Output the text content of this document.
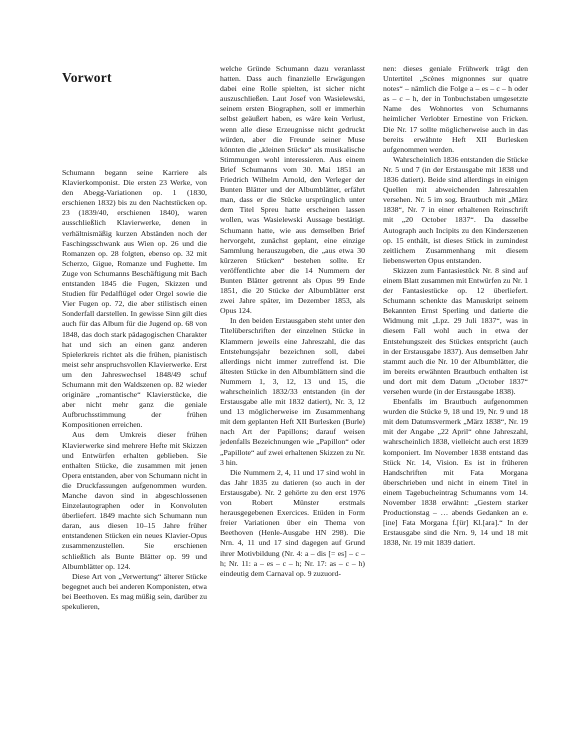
Vorwort

Schumann begann seine Karriere als Klavierkomponist. Die ersten 23 Werke, von den Abegg-Variationen op. 1 (1830, erschienen 1832) bis zu den Nachtstücken op. 23 (1839/40, erschienen 1840), waren ausschließlich Klavierwerke, denen in verhältnismäßig kurzen Abständen noch der Faschingsschwank aus Wien op. 26 und die Romanzen op. 28 folgten, ebenso op. 32 mit Scherzo, Gigue, Romanze und Fughette. Im Zuge von Schumanns Beschäftigung mit Bach entstanden 1845 die Fugen, Skizzen und Studien für Pedalflügel oder Orgel sowie die Vier Fugen op. 72, die aber stilistisch einen Sonderfall darstellen. In gewisse Sinn gilt dies auch für das Album für die Jugend op. 68 von 1848, das doch stark pädagogischen Charakter hat und sich an einen ganz anderen Spielerkreis richtet als die frühen, pianistisch meist sehr anspruchsvollen Klavierwerke. Erst um den Jahreswechsel 1848/49 schuf Schumann mit den Waldszenen op. 82 wieder originäre „romantische“ Klavierstücke, die aber nicht mehr ganz die geniale Aufbruchsstimmung der frühen Kompositionen erreichen.

Aus dem Umkreis dieser frühen Klavierwerke sind mehrere Hefte mit Skizzen und Entwürfen erhalten geblieben. Sie enthalten Stücke, die zusammen mit jenen Opera entstanden, aber von Schumann nicht in die Druckfassungen aufgenommen wurden. Manche davon sind in abgeschlossenen Einzelautographen oder in Konvoluten überliefert. 1849 machte sich Schumann nun daran, aus diesen 10–15 Jahre früher entstandenen Stücken ein neues Klavier-Opus zusammenzustellen. Sie erschienen schließlich als Bunte Blätter op. 99 und Albumblätter op. 124.

Diese Art von „Verwertung“ älterer Stücke begegnet auch bei anderen Komponisten, etwa bei Beethoven. Es mag müßig sein, darüber zu spekulieren,

welche Gründe Schumann dazu veranlasst hatten. Dass auch finanzielle Erwägungen dabei eine Rolle spielten, ist sicher nicht auszuschließen. Laut Josef von Wasielewski, seinem ersten Biographen, soll er immerhin selbst geäußert haben, es wäre kein Verlust, wenn alle diese Erzeugnisse nicht gedruckt würden, aber die Freunde seiner Muse könnten die „kleinen Stücke“ als musikalische Stimmungen wohl interessieren. Aus einem Brief Schumanns vom 30. Mai 1851 an Friedrich Wilhelm Arnold, den Verleger der Bunten Blätter und der Albumblätter, erfährt man, dass er die Stücke ursprünglich unter dem Titel Spreu hatte erscheinen lassen wollen, was Wasielewski Aussage bestätigt. Schumann hatte, wie aus demselben Brief hervorgeht, zunächst geplant, eine einzige Sammlung herauszugeben, die „aus etwa 30 kürzeren Stücken“ bestehen sollte. Er veröffentlichte aber die 14 Nummern der Bunten Blätter getrennt als Opus 99 Ende 1851, die 20 Stücke der Albumblätter erst zwei Jahre später, im Dezember 1853, als Opus 124.

In den beiden Erstausgaben steht unter den Titelüberschriften der einzelnen Stücke in Klammern jeweils eine Jahreszahl, die das Entstehungsjahr bezeichnen soll, dabei allerdings nicht immer zutreffend ist. Die ältesten Stücke in den Albumblättern sind die Nummern 1, 3, 12, 13 und 15, die wahrscheinlich 1832/33 entstanden (in der Erstausgabe alle mit 1832 datiert), Nr. 3, 12 und 13 möglicherweise im Zusammenhang mit dem geplanten Heft XII Burlesken (Burle) nach Art der Papillons; darauf weisen jedenfalls Bezeichnungen wie „Papillon“ oder „Papillote“ auf zwei erhaltenen Skizzen zu Nr. 3 hin.

Die Nummern 2, 4, 11 und 17 sind wohl in das Jahr 1835 zu datieren (so auch in der Erstausgabe). Nr. 2 gehörte zu den erst 1976 von Robert Münster erstmals herausgegebenen Exercices. Etüden in Form freier Variationen über ein Thema von Beethoven (Henle-Ausgabe HN 298). Die Nrn. 4, 11 und 17 sind dagegen auf Grund ihrer Motivbildung (Nr. 4: a – dis [= es] – c – h; Nr. 11: a – es – c – h; Nr. 17: as – c – h) eindeutig dem Carnaval op. 9 zuzuord-

nen: dieses geniale Frühwerk trägt den Untertitel „Scènes mignonnes sur quatre notes“ – nämlich die Folge a – es – c – h oder as – c – h, der in Tonbuchstaben umgesetzte Name des Wohnortes von Schumanns heimlicher Verlobter Ernestine von Fricken. Die Nr. 17 sollte möglicherweise auch in das bereits erwähnte Heft XII Burlesken aufgenommen werden.

Wahrscheinlich 1836 entstanden die Stücke Nr. 5 und 7 (in der Erstausgabe mit 1838 und 1836 datiert). Beide sind allerdings in einigen Quellen mit abweichenden Jahreszahlen versehen. Nr. 5 im sog. Brautbuch mit „März 1838“, Nr. 7 in einer erhaltenen Reinschrift mit „20 October 1837“. Da dasselbe Autograph auch Incipits zu den Kinderszenen op. 15 enthält, ist dieses Stück in zumindest zeitlichem Zusammenhang mit diesem liebenswerten Opus entstanden.

Skizzen zum Fantasiestück Nr. 8 sind auf einem Blatt zusammen mit Entwürfen zu Nr. 1 der Fantasiestücke op. 12 überliefert. Schumann schenkte das Manuskript seinem Bekannten Ernst Sperling und datierte die Widmung mit „Lpz. 29 Juli 1837“, was in diesem Fall wohl auch in etwa der Entstehungszeit des Stückes entspricht (auch in der Erstausgabe 1837). Aus demselben Jahr stammt auch die Nr. 10 der Albumblätter, die im bereits erwähnten Brautbuch enthalten ist und dort mit dem Datum „October 1837“ versehen wurde (in der Erstausgabe 1838).

Ebenfalls im Brautbuch aufgenommen wurden die Stücke 9, 18 und 19, Nr. 9 und 18 mit dem Datumsvermerk „März 1838“, Nr. 19 mit der Angabe „22 April“ ohne Jahreszahl, wahrscheinlich 1838, vielleicht auch erst 1839 komponiert. Im November 1838 entstand das Stück Nr. 14, Vision. Es ist in früheren Handschriften mit Fata Morgana überschrieben und nicht in einem Titel in einem Tagebucheintrag Schumanns vom 14. November 1838 erwähnt: „Gestern starker Productionstag – … abends Gedanken an e.[ine] Fata Morgana f.[ür] Kl.[ara].“ In der Erstausgabe sind die Nrn. 9, 14 und 18 mit 1838, Nr. 19 mit 1839 datiert.
